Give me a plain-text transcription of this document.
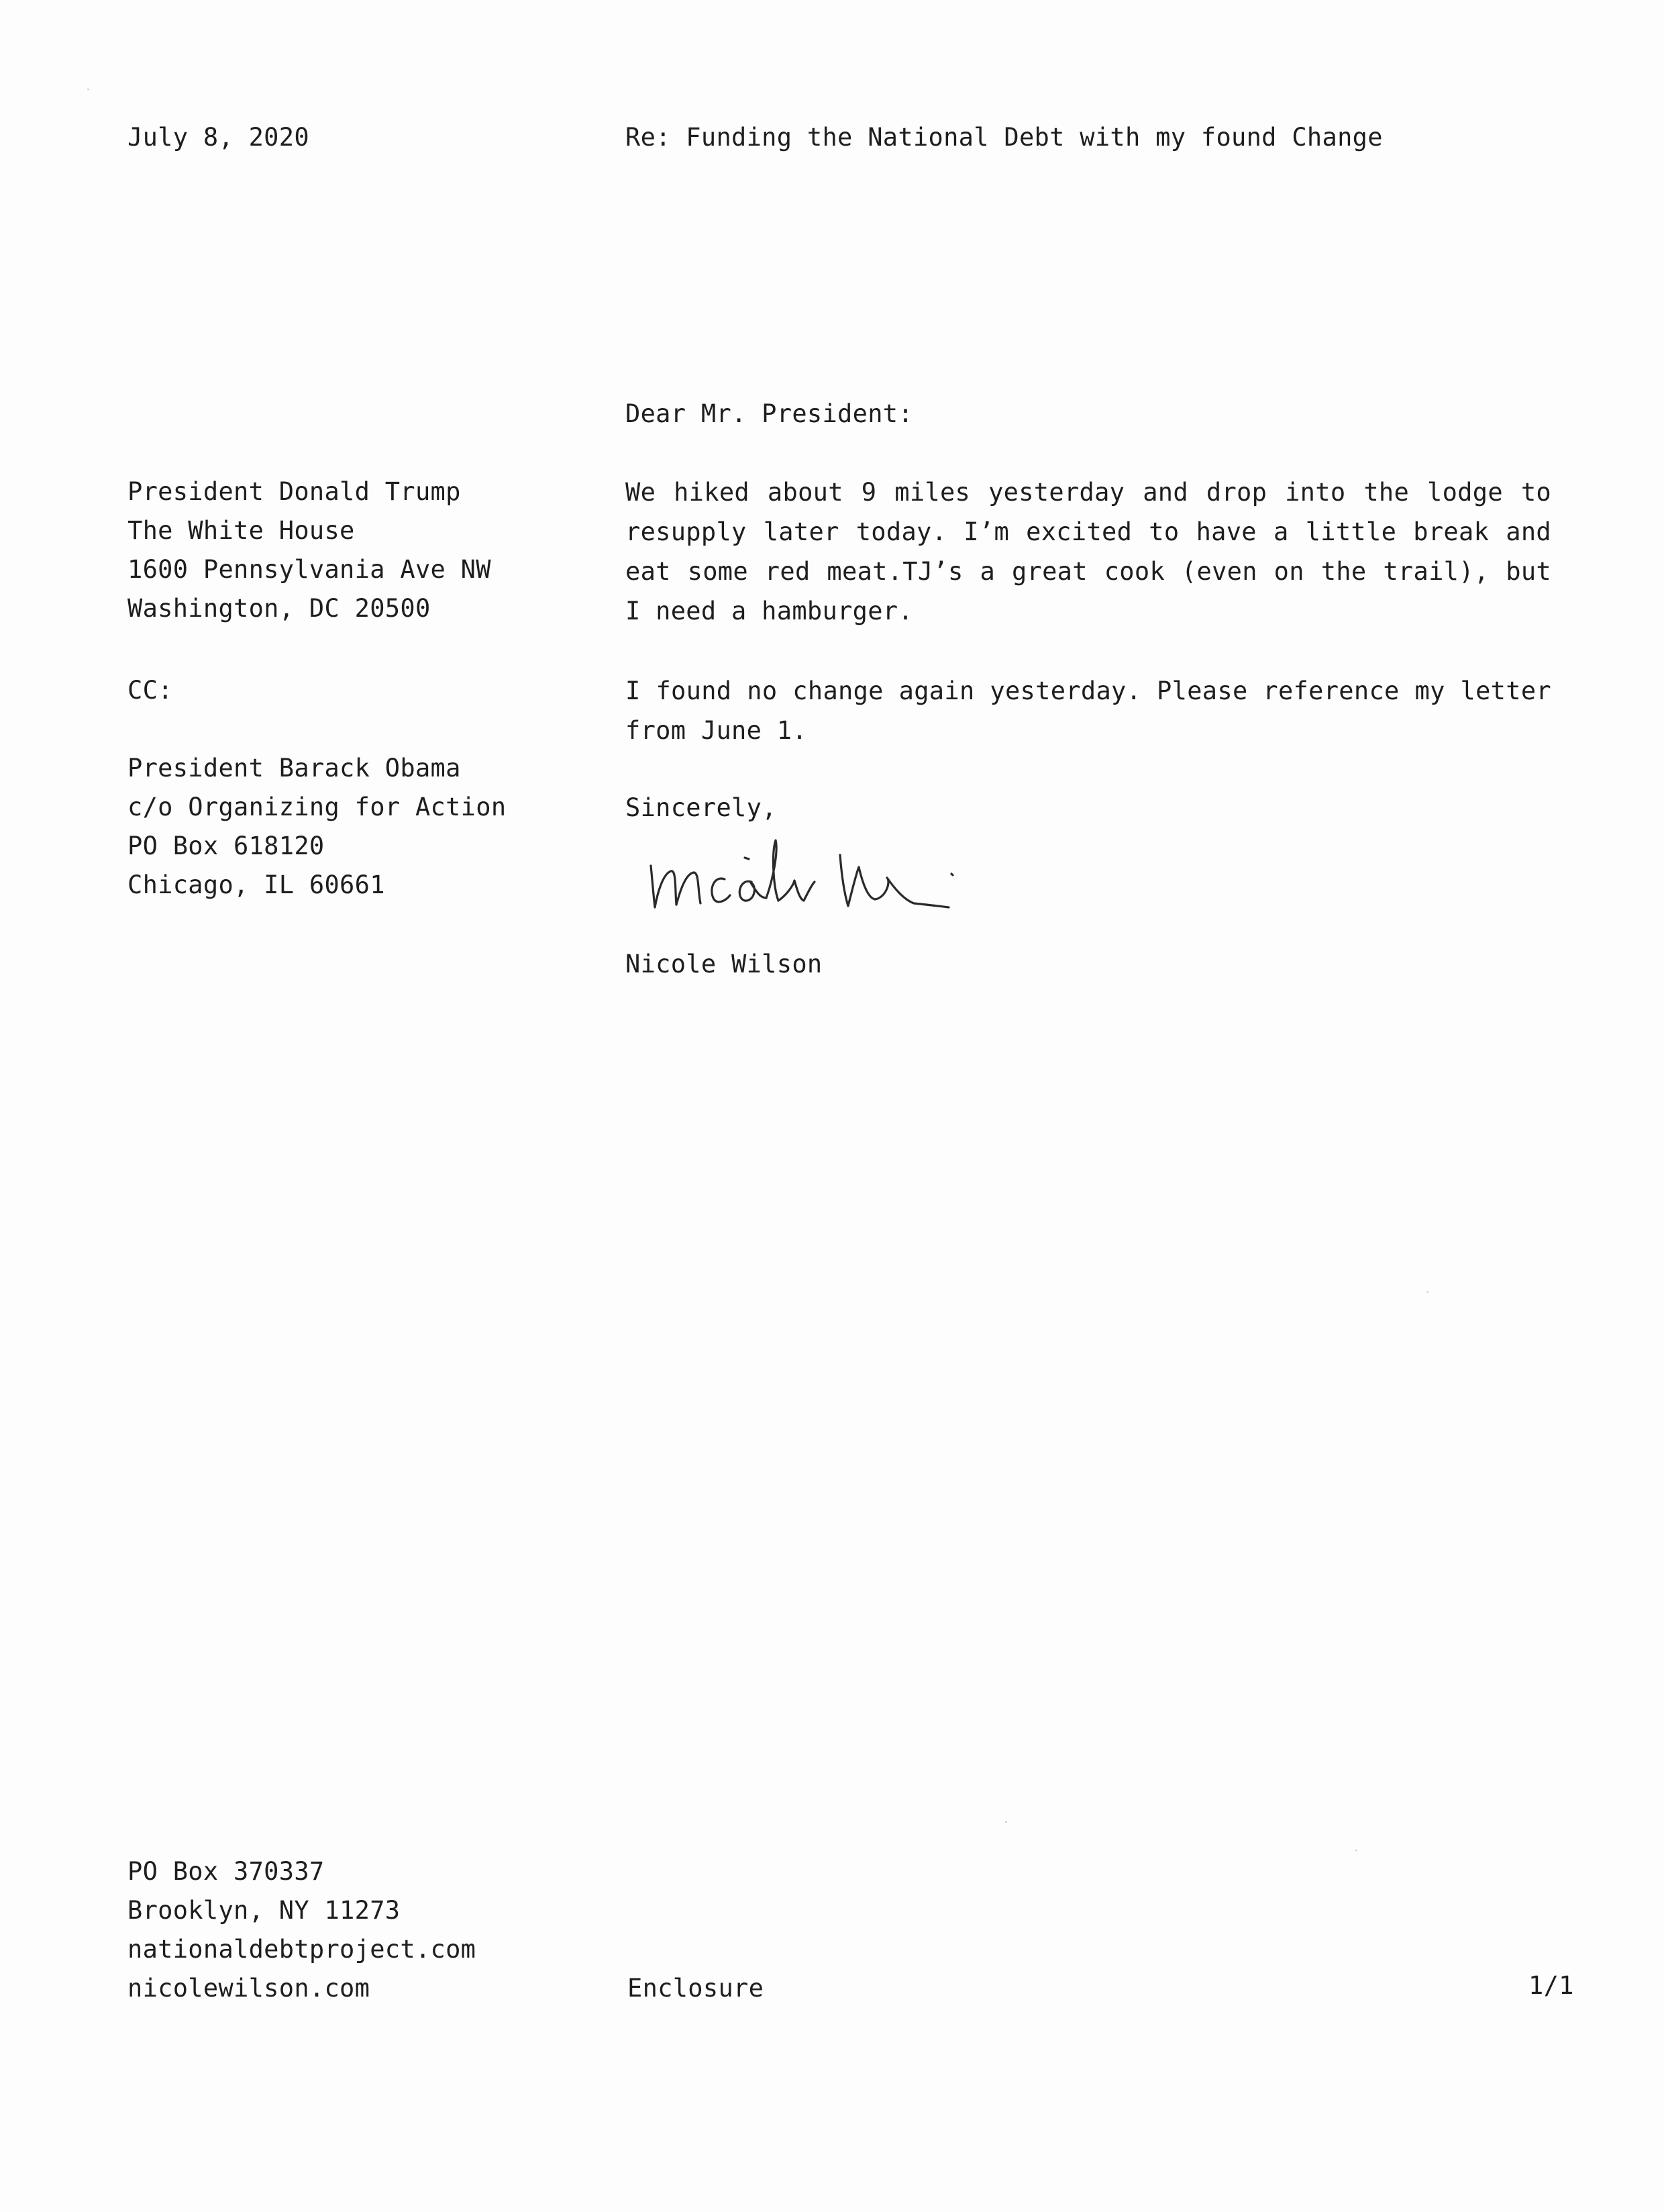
July 8, 2020	Re: Funding the National Debt with my found Change
Dear Mr. President:
President Donald Trump
The White House
1600 Pennsylvania Ave NW
Washington, DC 20500
CC:
President Barack Obama
c/o Organizing for Action
PO Box 618120
Chicago, IL 60661
We hiked about 9 miles yesterday and drop into the lodge to resupply later today. I’m excited to have a little break and eat some red meat.TJ’s a great cook (even on the trail), but I need a hamburger.
I found no change again yesterday. Please reference my letter from June 1.
Sincerely,
Nicole Wilson
PO Box 370337
Brooklyn, NY 11273
nationaldebtproject.com
nicolewilson.com	Enclosure	1/1
